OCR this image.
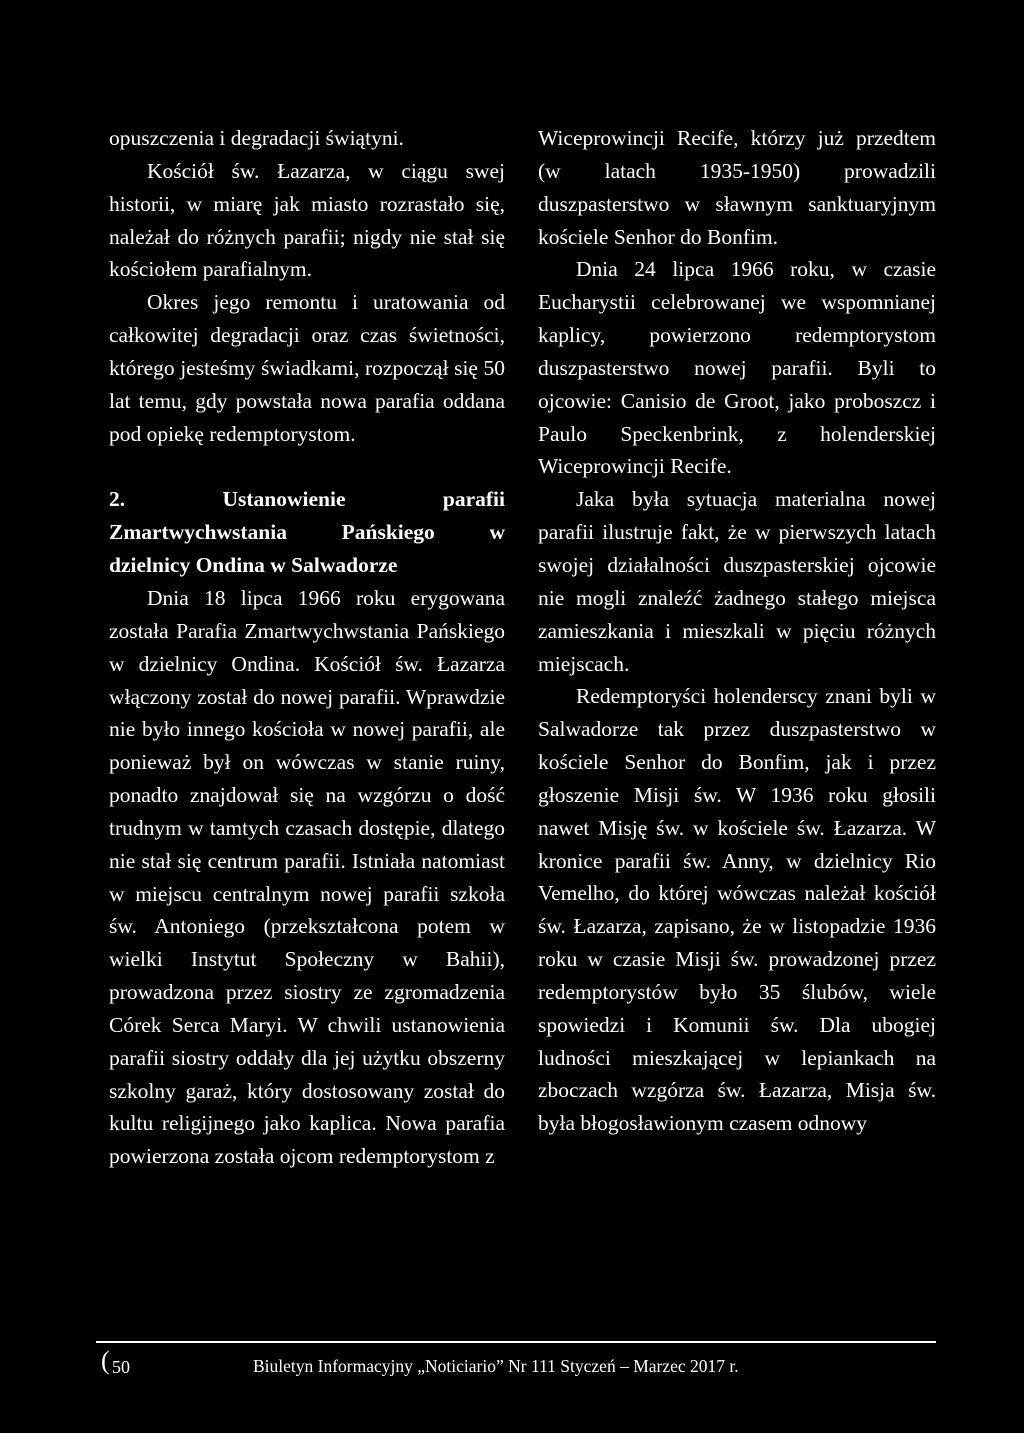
opuszczenia i degradacji świątyni.

Kościół św. Łazarza, w ciągu swej historii, w miarę jak miasto rozrastało się, należał do różnych parafii; nigdy nie stał się kościołem parafialnym.

Okres jego remontu i uratowania od całkowitej degradacji oraz czas świetności, którego jesteśmy świadkami, rozpoczął się 50 lat temu, gdy powstała nowa parafia oddana pod opiekę redemptorystom.

2. Ustanowienie parafii

Zmartwychwstania Pańskiego w

dzielnicy Ondina w Salwadorze

Dnia 18 lipca 1966 roku erygowana została Parafia Zmartwychwstania Pańskiego w dzielnicy Ondina. Kościół św. Łazarza włączony został do nowej parafii. Wprawdzie nie było innego kościoła w nowej parafii, ale ponieważ był on wówczas w stanie ruiny, ponadto znajdował się na wzgórzu o dość trudnym w tamtych czasach dostępie, dlatego nie stał się centrum parafii. Istniała natomiast w miejscu centralnym nowej parafii szkoła św. Antoniego (przekształcona potem w wielki Instytut Społeczny w Bahii), prowadzona przez siostry ze zgromadzenia Córek Serca Maryi. W chwili ustanowienia parafii siostry oddały dla jej użytku obszerny szkolny garaż, który dostosowany został do kultu religijnego jako kaplica. Nowa parafia powierzona została ojcom redemptorystom z

Wiceprowincji Recife, którzy już przedtem (w latach 1935-1950) prowadzili duszpasterstwo w sławnym sanktuaryjnym kościele Senhor do Bonfim.

Dnia 24 lipca 1966 roku, w czasie Eucharystii celebrowanej we wspomnianej kaplicy, powierzono redemptorystom duszpasterstwo nowej parafii. Byli to ojcowie: Canisio de Groot, jako proboszcz i Paulo Speckenbrink, z holenderskiej Wiceprowincji Recife.

Jaka była sytuacja materialna nowej parafii ilustruje fakt, że w pierwszych latach swojej działalności duszpasterskiej ojcowie nie mogli znaleźć żadnego stałego miejsca zamieszkania i mieszkali w pięciu różnych miejscach.

Redemptoryści holenderscy znani byli w Salwadorze tak przez duszpasterstwo w kościele Senhor do Bonfim, jak i przez głoszenie Misji św. W 1936 roku głosili nawet Misję św. w kościele św. Łazarza. W kronice parafii św. Anny, w dzielnicy Rio Vemelho, do której wówczas należał kościół św. Łazarza, zapisano, że w listopadzie 1936 roku w czasie Misji św. prowadzonej przez redemptorystów było 35 ślubów, wiele spowiedzi i Komunii św. Dla ubogiej ludności mieszkającej w lepiankach na zboczach wzgórza św. Łazarza, Misja św. była błogosławionym czasem odnowy

( 50	Biuletyn Informacyjny „Noticiario” Nr 111 Styczeń – Marzec 2017 r.
